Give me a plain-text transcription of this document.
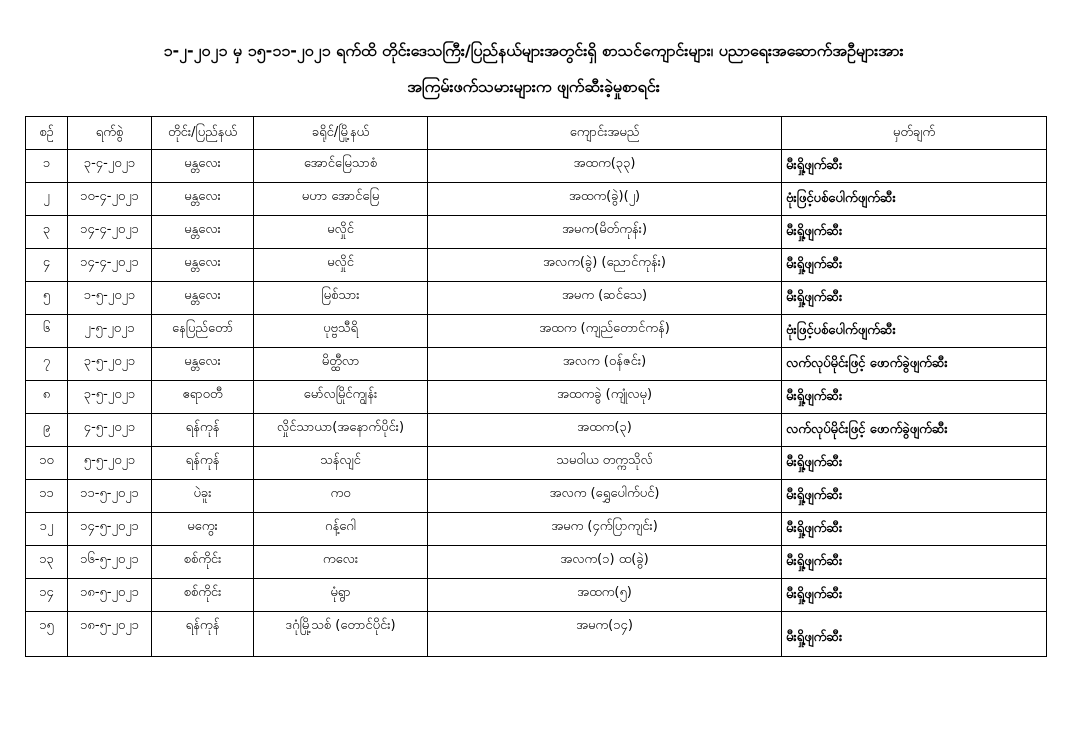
၁-၂-၂၀၂၁ မှ ၁၅-၁၁-၂၀၂၁ ရက်ထိ တိုင်းဒေသကြီး/ပြည်နယ်များအတွင်းရှိ စာသင်ကျောင်းများ၊ ပညာရေးအဆောက်အဦများအား
အကြမ်းဖက်သမားများက ဖျက်ဆီးခဲ့မှုစာရင်း
စဉ်	ရက်စွဲ	တိုင်း/ပြည်နယ်	ခရိုင်/မြို့နယ်	ကျောင်းအမည်	မှတ်ချက်
၁	၃-၄-၂၀၂၁	မန္တလေး	အောင်မြေသာစံ	အထက(၃၃)	မီးရှို့ဖျက်ဆီး
၂	၁၀-၄-၂၀၂၁	မန္တလေး	မဟာ အောင်မြေ	အထက(ခွဲ)(၂)	ဗုံးဖြင့်ပစ်ပေါက်ဖျက်ဆီး
၃	၁၄-၄-၂၀၂၁	မန္တလေး	မလှိုင်	အမက(မိတ်ကုန်း)	မီးရှို့ဖျက်ဆီး
၄	၁၄-၄-၂၀၂၁	မန္တလေး	မလှိုင်	အလက(ခွဲ) (ညောင်ကုန်း)	မီးရှို့ဖျက်ဆီး
၅	၁-၅-၂၀၂၁	မန္တလေး	မြစ်သား	အမက (ဆင်သေ)	မီးရှို့ဖျက်ဆီး
၆	၂-၅-၂၀၂၁	နေပြည်တော်	ပုဗ္ဗသီရိ	အထက (ကျည်တောင်ကန်)	ဗုံးဖြင့်ပစ်ပေါက်ဖျက်ဆီး
၇	၃-၅-၂၀၂၁	မန္တလေး	မိတ္ထီလာ	အလက (ဝန်ဇင်း)	လက်လုပ်မိုင်းဖြင့် ဖောက်ခွဲဖျက်ဆီး
၈	၃-၅-၂၀၂၁	ဧရာဝတီ	မော်လမြိုင်ကျွန်း	အထကခွဲ (ကျုံလမု)	မီးရှို့ဖျက်ဆီး
၉	၄-၅-၂၀၂၁	ရန်ကုန်	လှိုင်သာယာ(အနောက်ပိုင်း)	အထက(၃)	လက်လုပ်မိုင်းဖြင့် ဖောက်ခွဲဖျက်ဆီး
၁၀	၅-၅-၂၀၂၁	ရန်ကုန်	သန်လျင်	သမဝါယ တက္ကသိုလ်	မီးရှို့ဖျက်ဆီး
၁၁	၁၁-၅-၂၀၂၁	ပဲခူး	ကဝ	အလက (ရွှေပေါက်ပင်)	မီးရှို့ဖျက်ဆီး
၁၂	၁၄-၅-၂၀၂၁	မကွေး	ဂန့်ဂေါ	အမက (၄က်ပြာကျင်း)	မီးရှို့ဖျက်ဆီး
၁၃	၁၆-၅-၂၀၂၁	စစ်ကိုင်း	ကလေး	အလက(၁) ထ(ခွဲ)	မီးရှို့ဖျက်ဆီး
၁၄	၁၈-၅-၂၀၂၁	စစ်ကိုင်း	မုံရွာ	အထက(၅)	မီးရှို့ဖျက်ဆီး
၁၅	၁၈-၅-၂၀၂၁	ရန်ကုန်	ဒဂုံမြို့သစ် (တောင်ပိုင်း)	အမက(၁၄)	မီးရှို့ဖျက်ဆီး
